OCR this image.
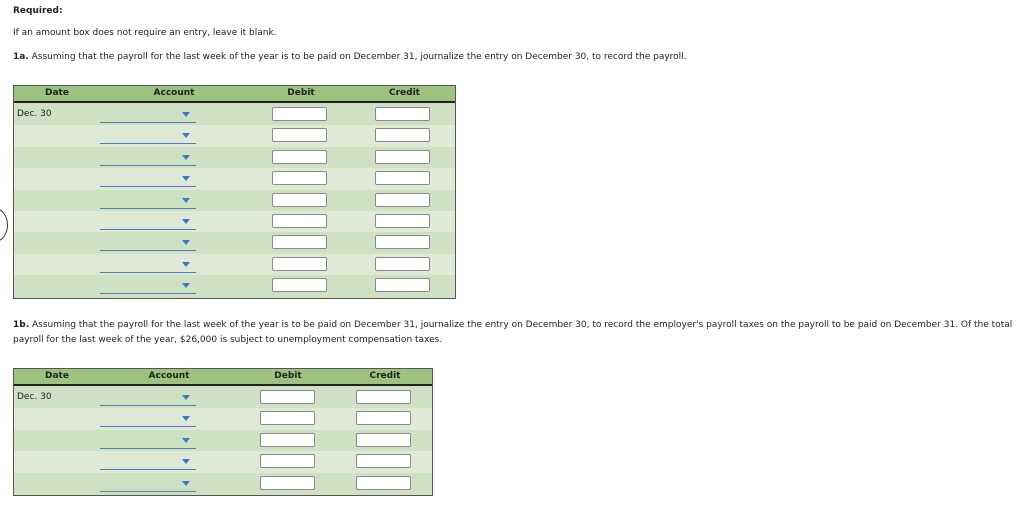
Required:
If an amount box does not require an entry, leave it blank.
1a. Assuming that the payroll for the last week of the year is to be paid on December 31, journalize the entry on December 30, to record the payroll.
Date	Account	Debit	Credit
Dec. 30
1b. Assuming that the payroll for the last week of the year is to be paid on December 31, journalize the entry on December 30, to record the employer's payroll taxes on the payroll to be paid on December 31. Of the total payroll for the last week of the year, $26,000 is subject to unemployment compensation taxes.
Date	Account	Debit	Credit
Dec. 30
